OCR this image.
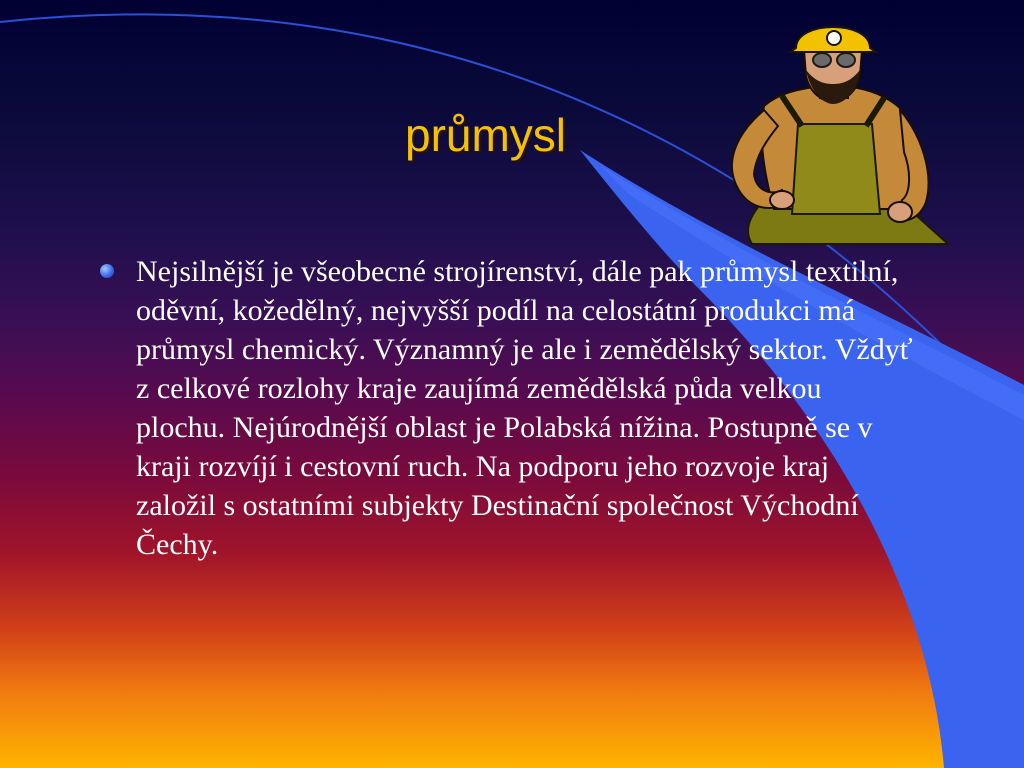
průmysl
Nejsilnější je všeobecné strojírenství, dále pak průmysl textilní, oděvní, kožedělný, nejvyšší podíl na celostátní produkci má průmysl chemický. Významný je ale i zemědělský sektor. Vždyť z celkové rozlohy kraje zaujímá zemědělská půda velkou plochu. Nejúrodnější oblast je Polabská nížina. Postupně se v kraji rozvíjí i cestovní ruch. Na podporu jeho rozvoje kraj založil s ostatními subjekty Destinační společnost Východní Čechy.
